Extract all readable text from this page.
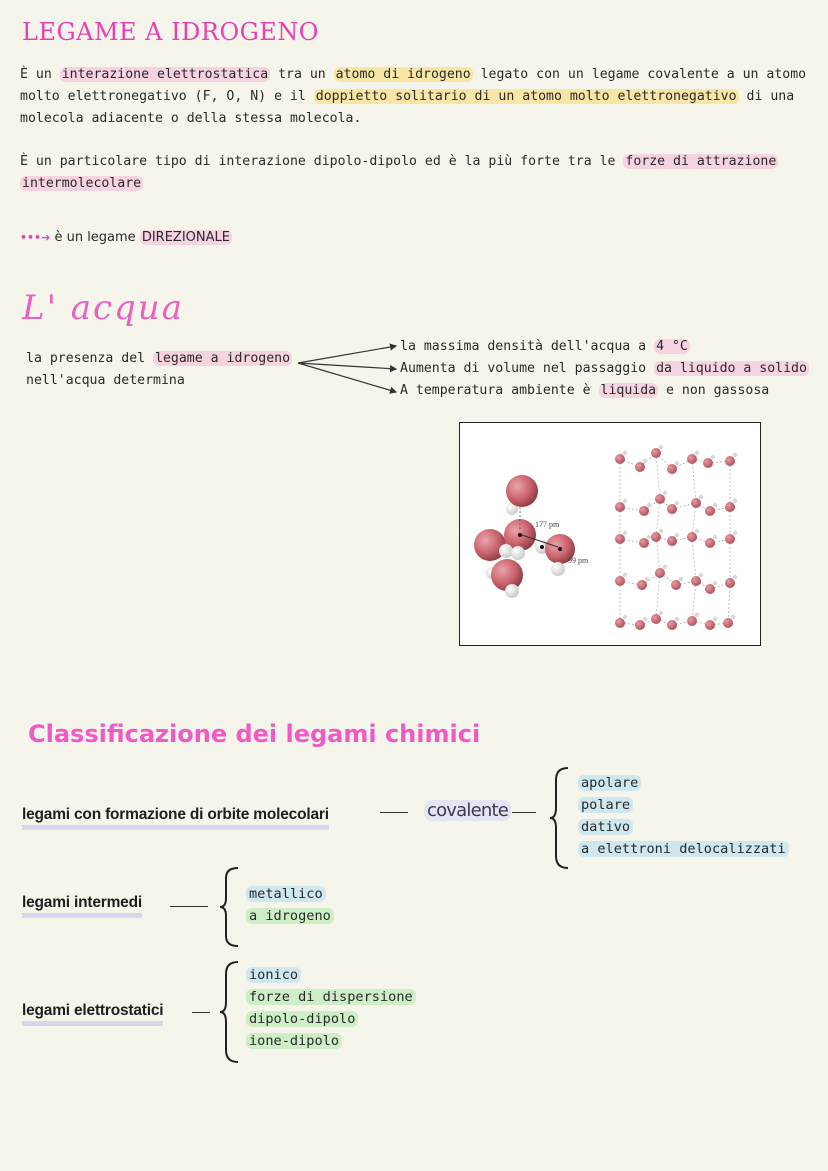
LEGAME A IDROGENO
È un interazione elettrostatica tra un atomo di idrogeno legato con un legame covalente a un atomo
molto elettronegativo (F, O, N) e il doppietto solitario di un atomo molto elettronegativo di una
molecola adiacente o della stessa molecola.
È un particolare tipo di interazione dipolo-dipolo ed è la più forte tra le forze di attrazione
intermolecolare
•••➔ è un legame DIREZIONALE
L' acqua
la presenza del legame a idrogeno
nell'acqua determina
la massima densità dell'acqua a 4 °C
Aumenta di volume nel passaggio da liquido a solido
A temperatura ambiente è liquida e non gassosa
177 pm
99 pm
Classificazione dei legami chimici
legami con formazione di orbite molecolari	covalente
apolare
polare
dativo
a elettroni delocalizzati
legami intermedi	metallico
a idrogeno
legami elettrostatici
ionico
forze di dispersione
dipolo-dipolo
ione-dipolo
